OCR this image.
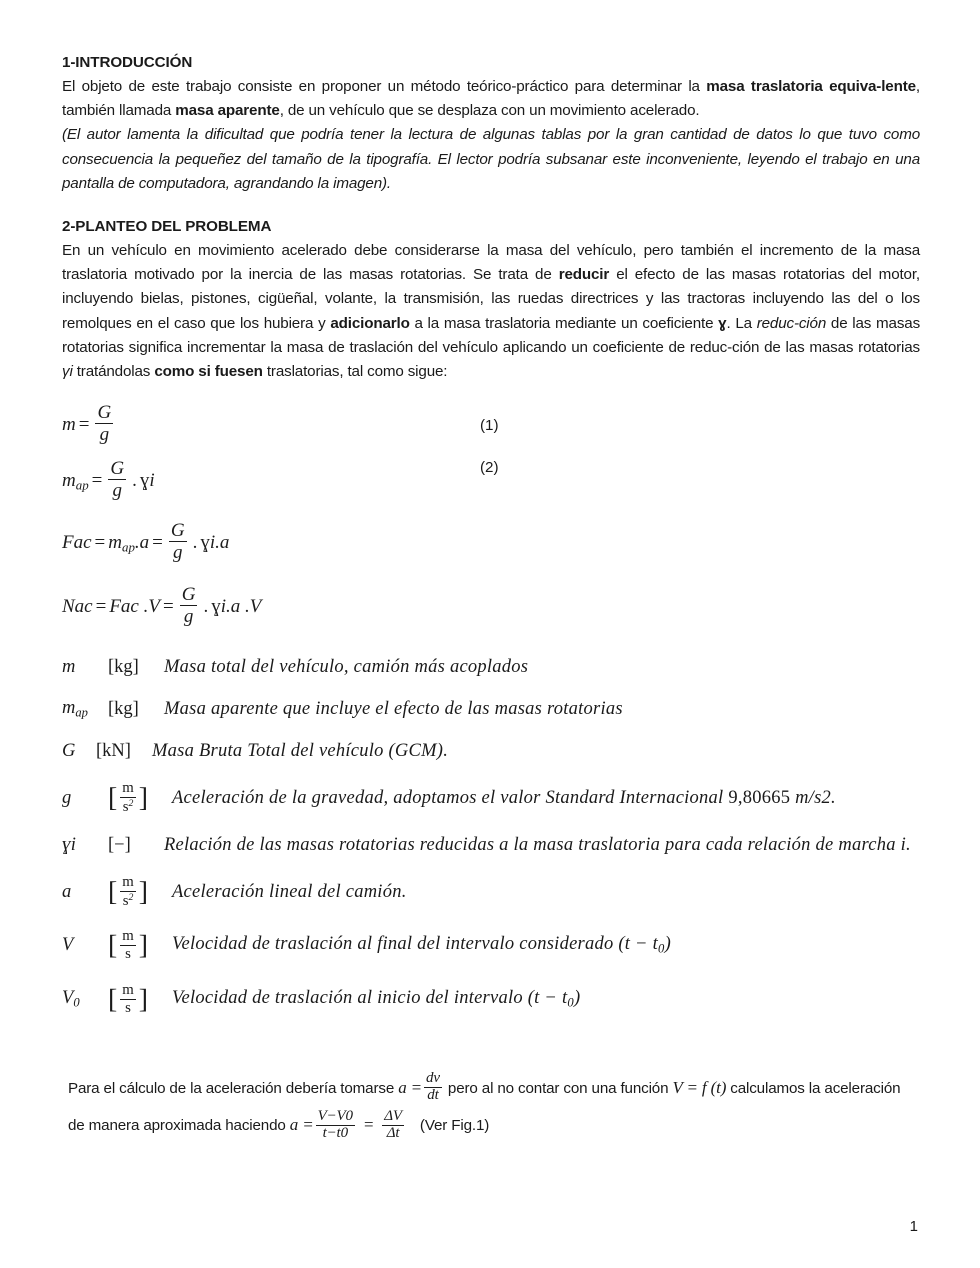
1-INTRODUCCIÓN

El objeto de este trabajo consiste en proponer un método teórico-práctico para determinar la masa traslatoria equiva-lente, también llamada masa aparente, de un vehículo que se desplaza con un movimiento acelerado.

(El autor lamenta la dificultad que podría tener la lectura de algunas tablas por la gran cantidad de datos lo que tuvo como consecuencia la pequeñez del tamaño de la tipografía. El lector podría subsanar este inconveniente, leyendo el trabajo en una pantalla de computadora, agrandando la imagen).

2-PLANTEO DEL PROBLEMA

En un vehículo en movimiento acelerado debe considerarse la masa del vehículo, pero también el incremento de la masa traslatoria motivado por la inercia de las masas rotatorias. Se trata de reducir el efecto de las masas rotatorias del motor, incluyendo bielas, pistones, cigüeñal, volante, la transmisión, las ruedas directrices y las tractoras incluyendo las del o los remolques en el caso que los hubiera y adicionarlo a la masa traslatoria mediante un coeficiente ɣ. La reduc-ción de las masas rotatorias significa incrementar la masa de traslación del vehículo aplicando un coeficiente de reduc-ción de las masas rotatorias γi tratándolas como si fuesen traslatorias, tal como sigue:

$m = \frac{G}{g}$	(1)
$m_{ap} = \frac{G}{g}$ . ɣi
(2)
Fac = $m_{ap}.a = \frac{G}{g}$ . ɣi.a
Nac = Fac $.V = \frac{G}{g}$ . ɣi.a .V
m	[kg]	Masa total del vehículo, camión más acoplados
$m_{ap}$	[kg]	Masa aparente que incluye el efecto de las masas rotatorias
G	[kN]	Masa Bruta Total del vehículo (GCM).
g	[ $\frac{m}{s^2}$ ]	Aceleración de la gravedad, adoptamos el valor Standard Internacional 9,80665 m/s2.
ɣi	[−]	Relación de las masas rotatorias reducidas a la masa traslatoria para cada relación de marcha i.
a	[ $\frac{m}{s^2}$ ]	Aceleración lineal del camión.
V	[ $\frac{m}{s}$ ]	Velocidad de traslación al final del intervalo considerado $(t - t_0)$
$V_0$	[ $\frac{m}{s}$ ]	Velocidad de traslación al inicio del intervalo $(t - t_0)$

Para el cálculo de la aceleración debería tomarse $a = \frac{dv}{dt}$ pero al no contar con una función V = f (t) calculamos la aceleración de manera aproximada haciendo $a = \frac{V-V0}{t-t0} = \frac{\Delta V}{\Delta t} (Ver$ Fig.1)

1
